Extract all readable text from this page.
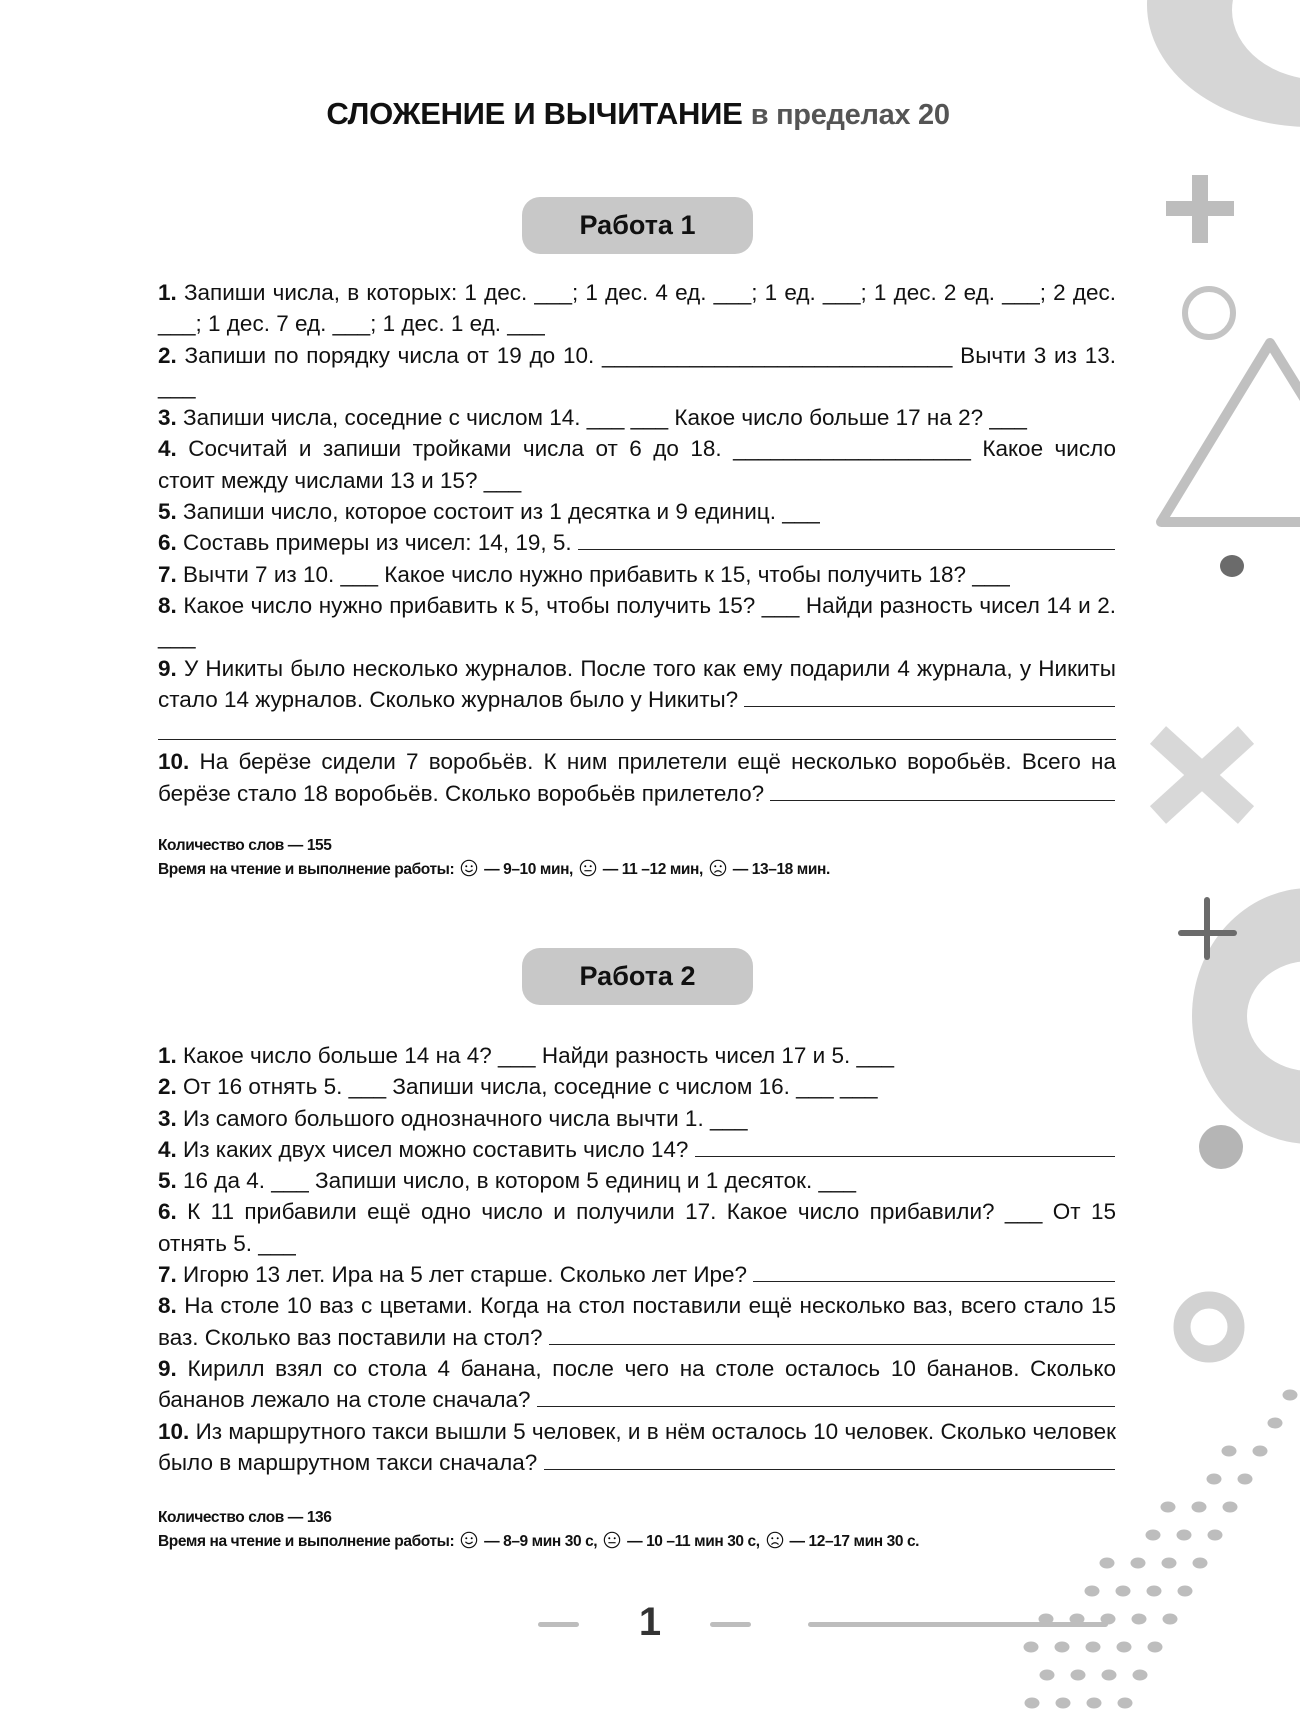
СЛОЖЕНИЕ И ВЫЧИТАНИЕ в пределах 20
Работа 1

1. Запиши числа, в которых: 1 дес. ___; 1 дес. 4 ед. ___; 1 ед. ___; 1 дес. 2 ед. ___; 2 дес. ___; 1 дес. 7 ед. ___; 1 дес. 1 ед. ___

2. Запиши по порядку числа от 19 до 10. ____________________________ Вычти 3 из 13. ___

3. Запиши числа, соседние с числом 14. ___ ___ Какое число больше 17 на 2? ___

4. Сосчитай и запиши тройками числа от 6 до 18. ___________________ Какое число стоит между числами 13 и 15? ___

5. Запиши число, которое состоит из 1 десятка и 9 единиц. ___

6. Составь примеры из чисел: 14, 19, 5.

7. Вычти 7 из 10. ___ Какое число нужно прибавить к 15, чтобы получить 18? ___

8. Какое число нужно прибавить к 5, чтобы получить 15? ___ Найди разность чисел 14 и 2. ___

9. У Никиты было несколько журналов. После того как ему подарили 4 журнала, у Никиты стало 14 журналов. Сколько журналов было у Никиты?

10. На берёзе сидели 7 воробьёв. К ним прилетели ещё несколько воробьёв. Всего на берёзе стало 18 воробьёв. Сколько воробьёв прилетело?

Количество слов — 155
Время на чтение и выполнение работы: — 9–10 мин, — 11 –12 мин, — 13–18 мин.
Работа 2

1. Какое число больше 14 на 4? ___ Найди разность чисел 17 и 5. ___

2. От 16 отнять 5. ___ Запиши числа, соседние с числом 16. ___ ___

3. Из самого большого однозначного числа вычти 1. ___

4. Из каких двух чисел можно составить число 14?

5. 16 да 4. ___ Запиши число, в котором 5 единиц и 1 десяток. ___

6. К 11 прибавили ещё одно число и получили 17. Какое число прибавили? ___ От 15 отнять 5. ___

7. Игорю 13 лет. Ира на 5 лет старше. Сколько лет Ире?

8. На столе 10 ваз с цветами. Когда на стол поставили ещё несколько ваз, всего стало 15 ваз. Сколько ваз поставили на стол?

9. Кирилл взял со стола 4 банана, после чего на столе осталось 10 бананов. Сколько бананов лежало на столе сначала?

10. Из маршрутного такси вышли 5 человек, и в нём осталось 10 человек. Сколько человек было в маршрутном такси сначала?

Количество слов — 136
Время на чтение и выполнение работы: — 8–9 мин 30 с, — 10 –11 мин 30 с, — 12–17 мин 30 с.
1
